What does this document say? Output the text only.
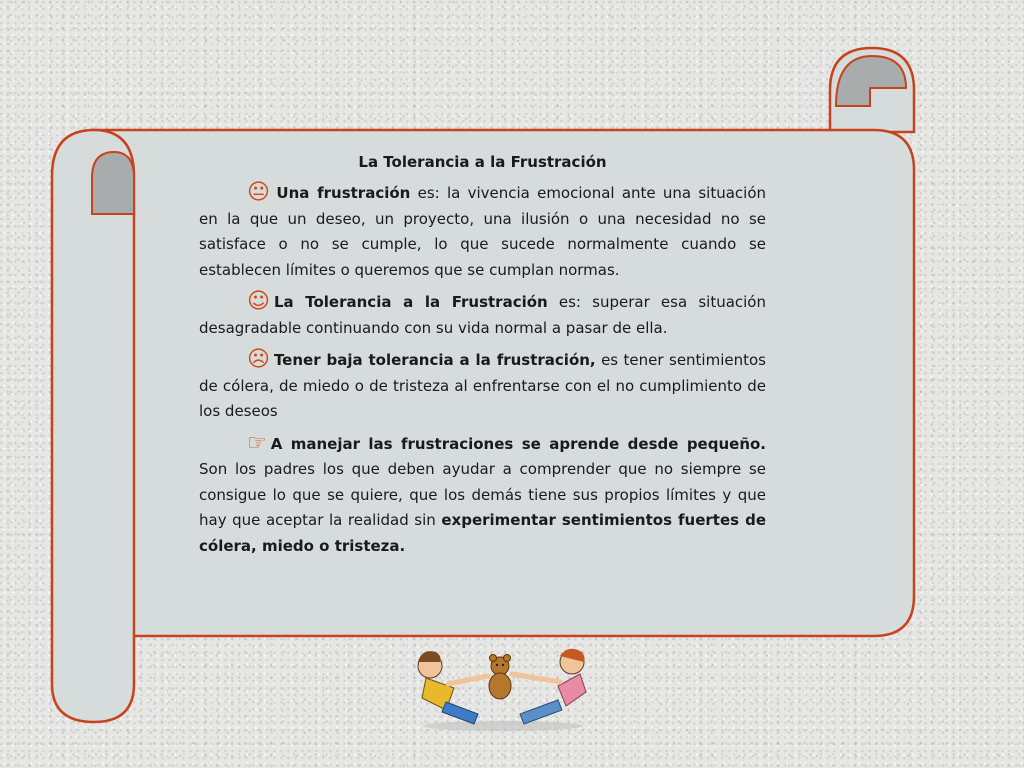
La Tolerancia a la Frustración
😐 Una frustración es: la vivencia emocional ante una situación en la que un deseo, un proyecto, una ilusión o una necesidad no se satisface o no se cumple, lo que sucede normalmente cuando se establecen límites o queremos que se cumplan normas.
☺ La Tolerancia a la Frustración es: superar esa situación desagradable continuando con su vida normal a pasar de ella.
☹ Tener baja tolerancia a la frustración, es tener sentimientos de cólera, de miedo o de tristeza al enfrentarse con el no cumplimiento de los deseos
☞ A manejar las frustraciones se aprende desde pequeño. Son los padres los que deben ayudar a comprender que no siempre se consigue lo que se quiere, que los demás tiene sus propios límites y que hay que aceptar la realidad sin experimentar sentimientos fuertes de cólera, miedo o tristeza.
